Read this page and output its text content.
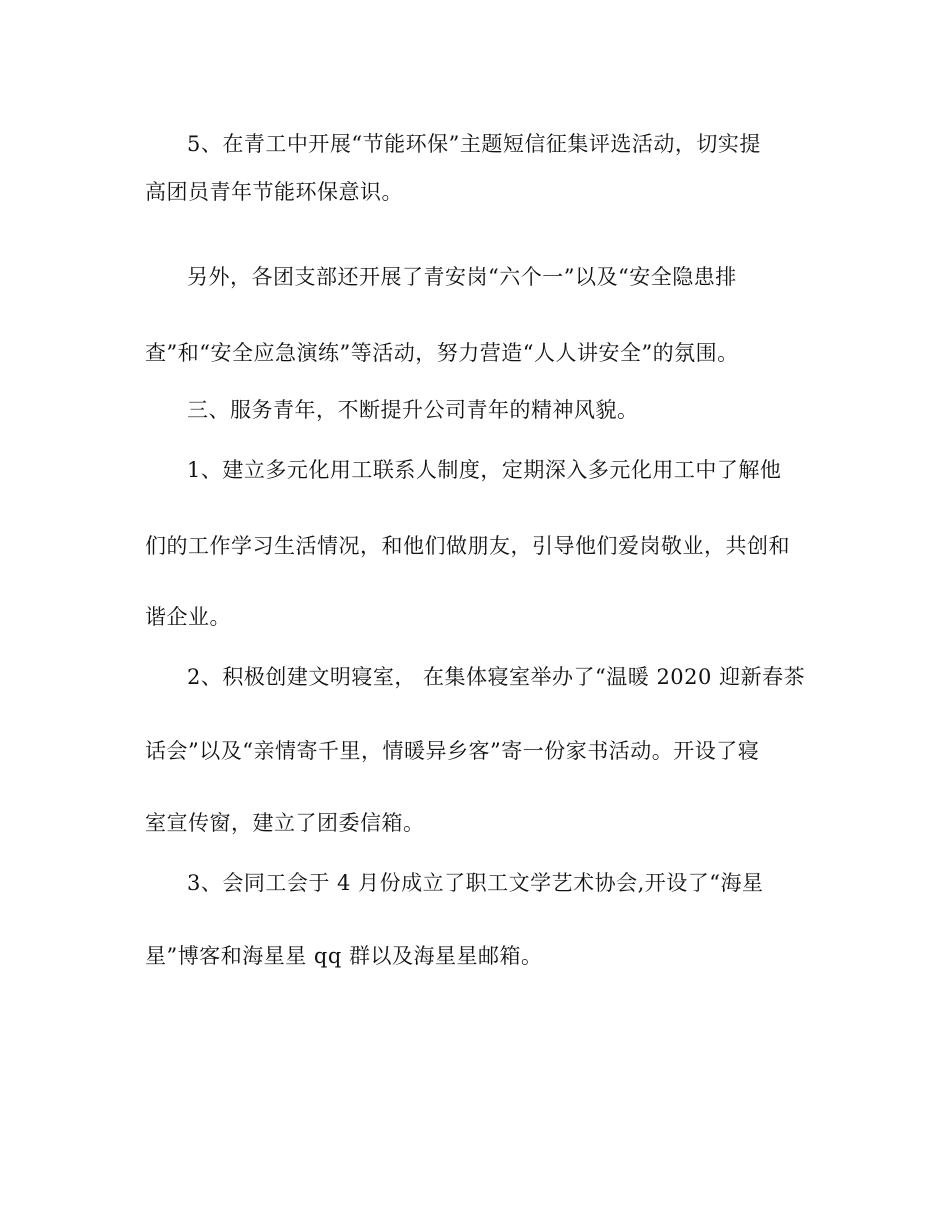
5、在青工中开展“节能环保”主题短信征集评选活动，切实提
高团员青年节能环保意识。
另外，各团支部还开展了青安岗“六个一”以及“安全隐患排
查”和“安全应急演练”等活动，努力营造“人人讲安全”的氛围。
三、服务青年，不断提升公司青年的精神风貌。
1、建立多元化用工联系人制度，定期深入多元化用工中了解他
们的工作学习生活情况，和他们做朋友，引导他们爱岗敬业，共创和
谐企业。
2、积极创建文明寝室， 在集体寝室举办了“温暖 2020 迎新春茶
话会”以及“亲情寄千里，情暖异乡客”寄一份家书活动。开设了寝
室宣传窗，建立了团委信箱。
3、会同工会于 4 月份成立了职工文学艺术协会,开设了“海星
星”博客和海星星 qq 群以及海星星邮箱。
